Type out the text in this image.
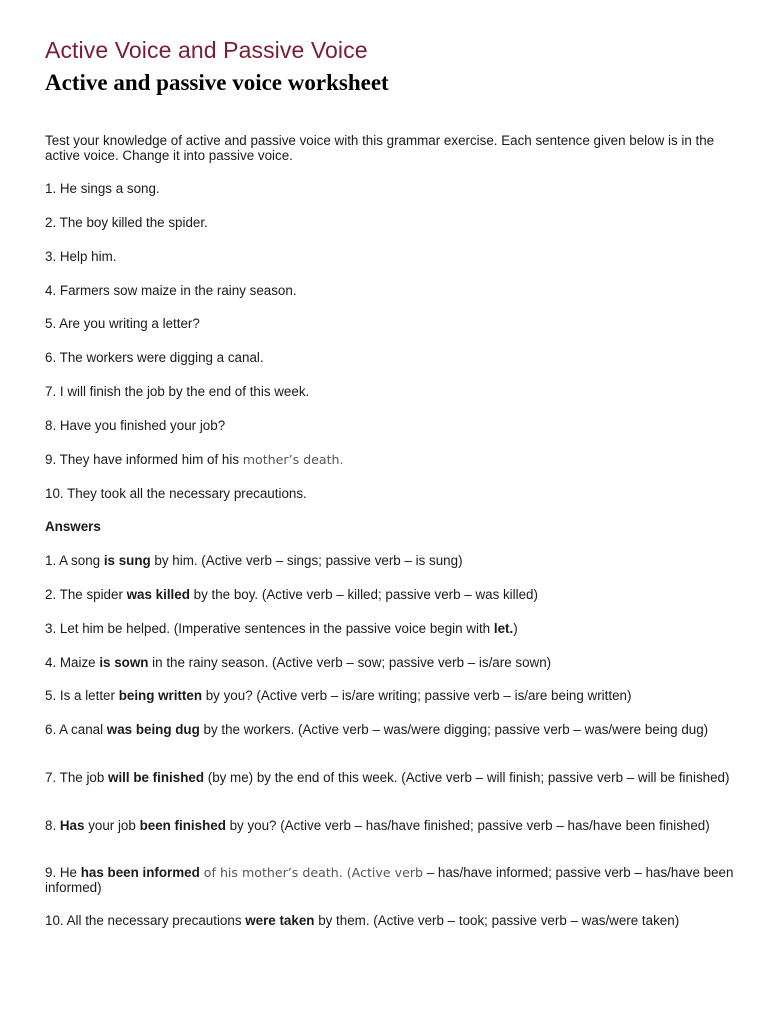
Active Voice and Passive Voice
Active and passive voice worksheet
Test your knowledge of active and passive voice with this grammar exercise. Each sentence given below is in the active voice. Change it into passive voice.
1. He sings a song.
2. The boy killed the spider.
3. Help him.
4. Farmers sow maize in the rainy season.
5. Are you writing a letter?
6. The workers were digging a canal.
7. I will finish the job by the end of this week.
8. Have you finished your job?
9. They have informed him of his mother’s death.
10. They took all the necessary precautions.
Answers
1. A song is sung by him. (Active verb – sings; passive verb – is sung)
2. The spider was killed by the boy. (Active verb – killed; passive verb – was killed)
3. Let him be helped. (Imperative sentences in the passive voice begin with let.)
4. Maize is sown in the rainy season. (Active verb – sow; passive verb – is/are sown)
5. Is a letter being written by you? (Active verb – is/are writing; passive verb – is/are being written)
6. A canal was being dug by the workers. (Active verb – was/were digging; passive verb – was/were being dug)
7. The job will be finished (by me) by the end of this week. (Active verb – will finish; passive verb – will be finished)
8. Has your job been finished by you? (Active verb – has/have finished; passive verb – has/have been finished)
9. He has been informed of his mother’s death. (Active verb – has/have informed; passive verb – has/have been informed)
10. All the necessary precautions were taken by them. (Active verb – took; passive verb – was/were taken)
